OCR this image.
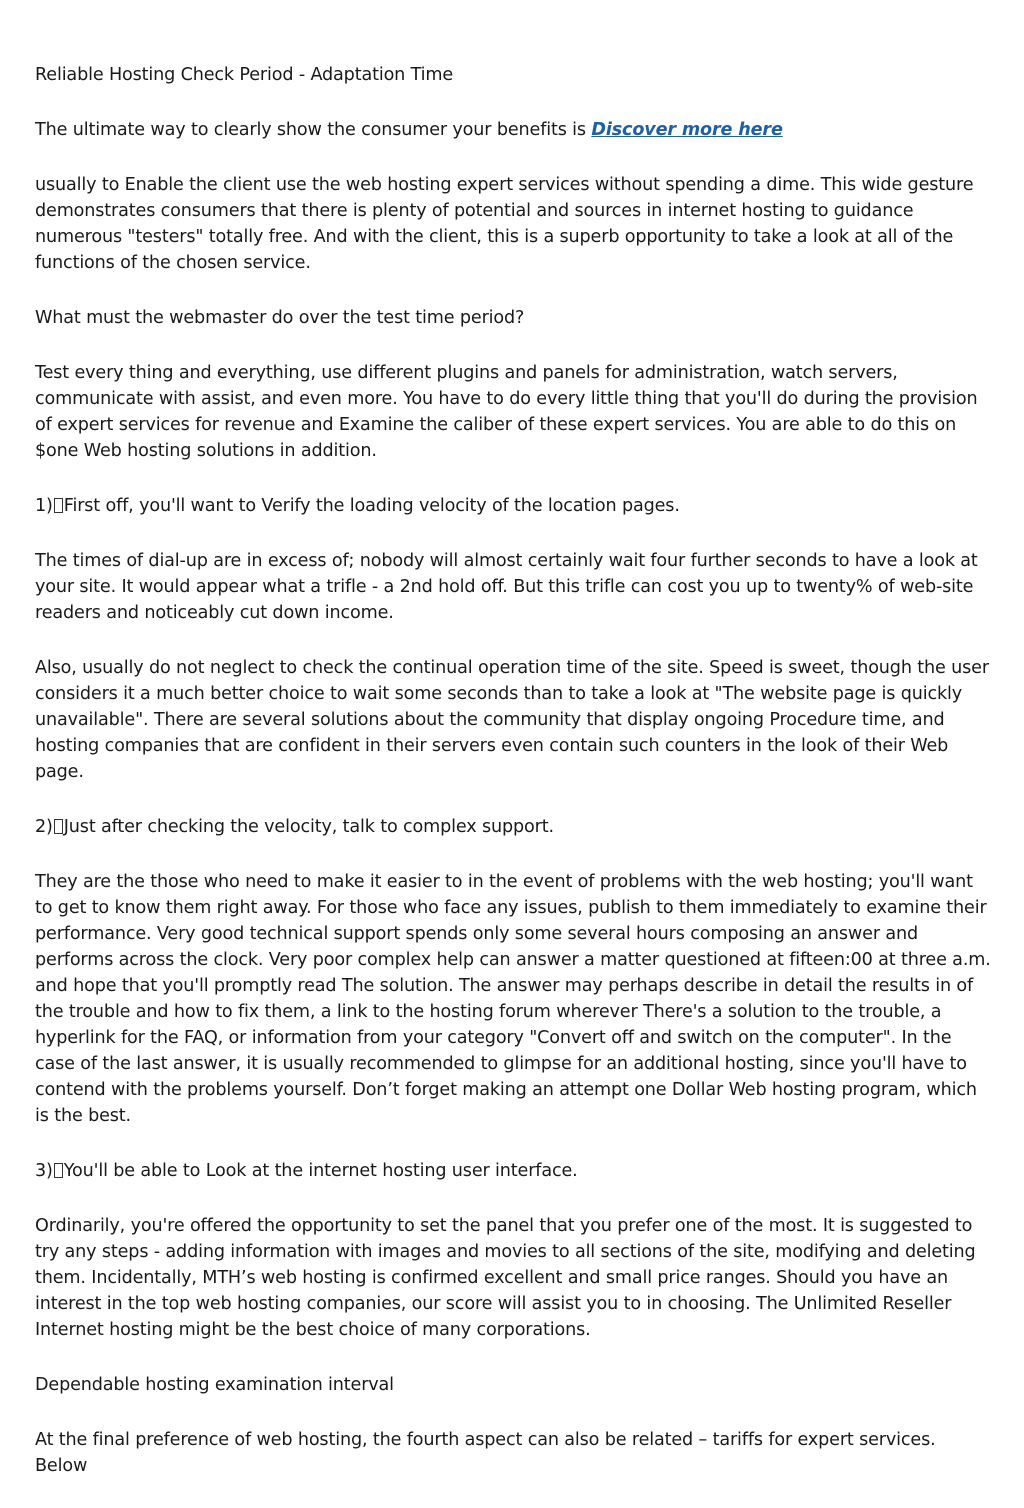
Reliable Hosting Check Period - Adaptation Time

The ultimate way to clearly show the consumer your benefits is Discover more here

usually to Enable the client use the web hosting expert services without spending a dime. This wide gesture demonstrates consumers that there is plenty of potential and sources in internet hosting to guidance numerous "testers" totally free. And with the client, this is a superb opportunity to take a look at all of the functions of the chosen service.

What must the webmaster do over the test time period?

Test every thing and everything, use different plugins and panels for administration, watch servers, communicate with assist, and even more. You have to do every little thing that you'll do during the provision of expert services for revenue and Examine the caliber of these expert services. You are able to do this on $one Web hosting solutions in addition.

1) First off, you'll want to Verify the loading velocity of the location pages.

The times of dial-up are in excess of; nobody will almost certainly wait four further seconds to have a look at your site. It would appear what a trifle - a 2nd hold off. But this trifle can cost you up to twenty% of web-site readers and noticeably cut down income.

Also, usually do not neglect to check the continual operation time of the site. Speed is sweet, though the user considers it a much better choice to wait some seconds than to take a look at "The website page is quickly unavailable". There are several solutions about the community that display ongoing Procedure time, and hosting companies that are confident in their servers even contain such counters in the look of their Web page.

2) Just after checking the velocity, talk to complex support.

They are the those who need to make it easier to in the event of problems with the web hosting; you'll want to get to know them right away. For those who face any issues, publish to them immediately to examine their performance. Very good technical support spends only some several hours composing an answer and performs across the clock. Very poor complex help can answer a matter questioned at fifteen:00 at three a.m. and hope that you'll promptly read The solution. The answer may perhaps describe in detail the results in of the trouble and how to fix them, a link to the hosting forum wherever There's a solution to the trouble, a hyperlink for the FAQ, or information from your category "Convert off and switch on the computer". In the case of the last answer, it is usually recommended to glimpse for an additional hosting, since you'll have to contend with the problems yourself. Don’t forget making an attempt one Dollar Web hosting program, which is the best.

3) You'll be able to Look at the internet hosting user interface.

Ordinarily, you're offered the opportunity to set the panel that you prefer one of the most. It is suggested to try any steps - adding information with images and movies to all sections of the site, modifying and deleting them. Incidentally, MTH’s web hosting is confirmed excellent and small price ranges. Should you have an interest in the top web hosting companies, our score will assist you to in choosing. The Unlimited Reseller Internet hosting might be the best choice of many corporations.

Dependable hosting examination interval

At the final preference of web hosting, the fourth aspect can also be related – tariffs for expert services. Below
